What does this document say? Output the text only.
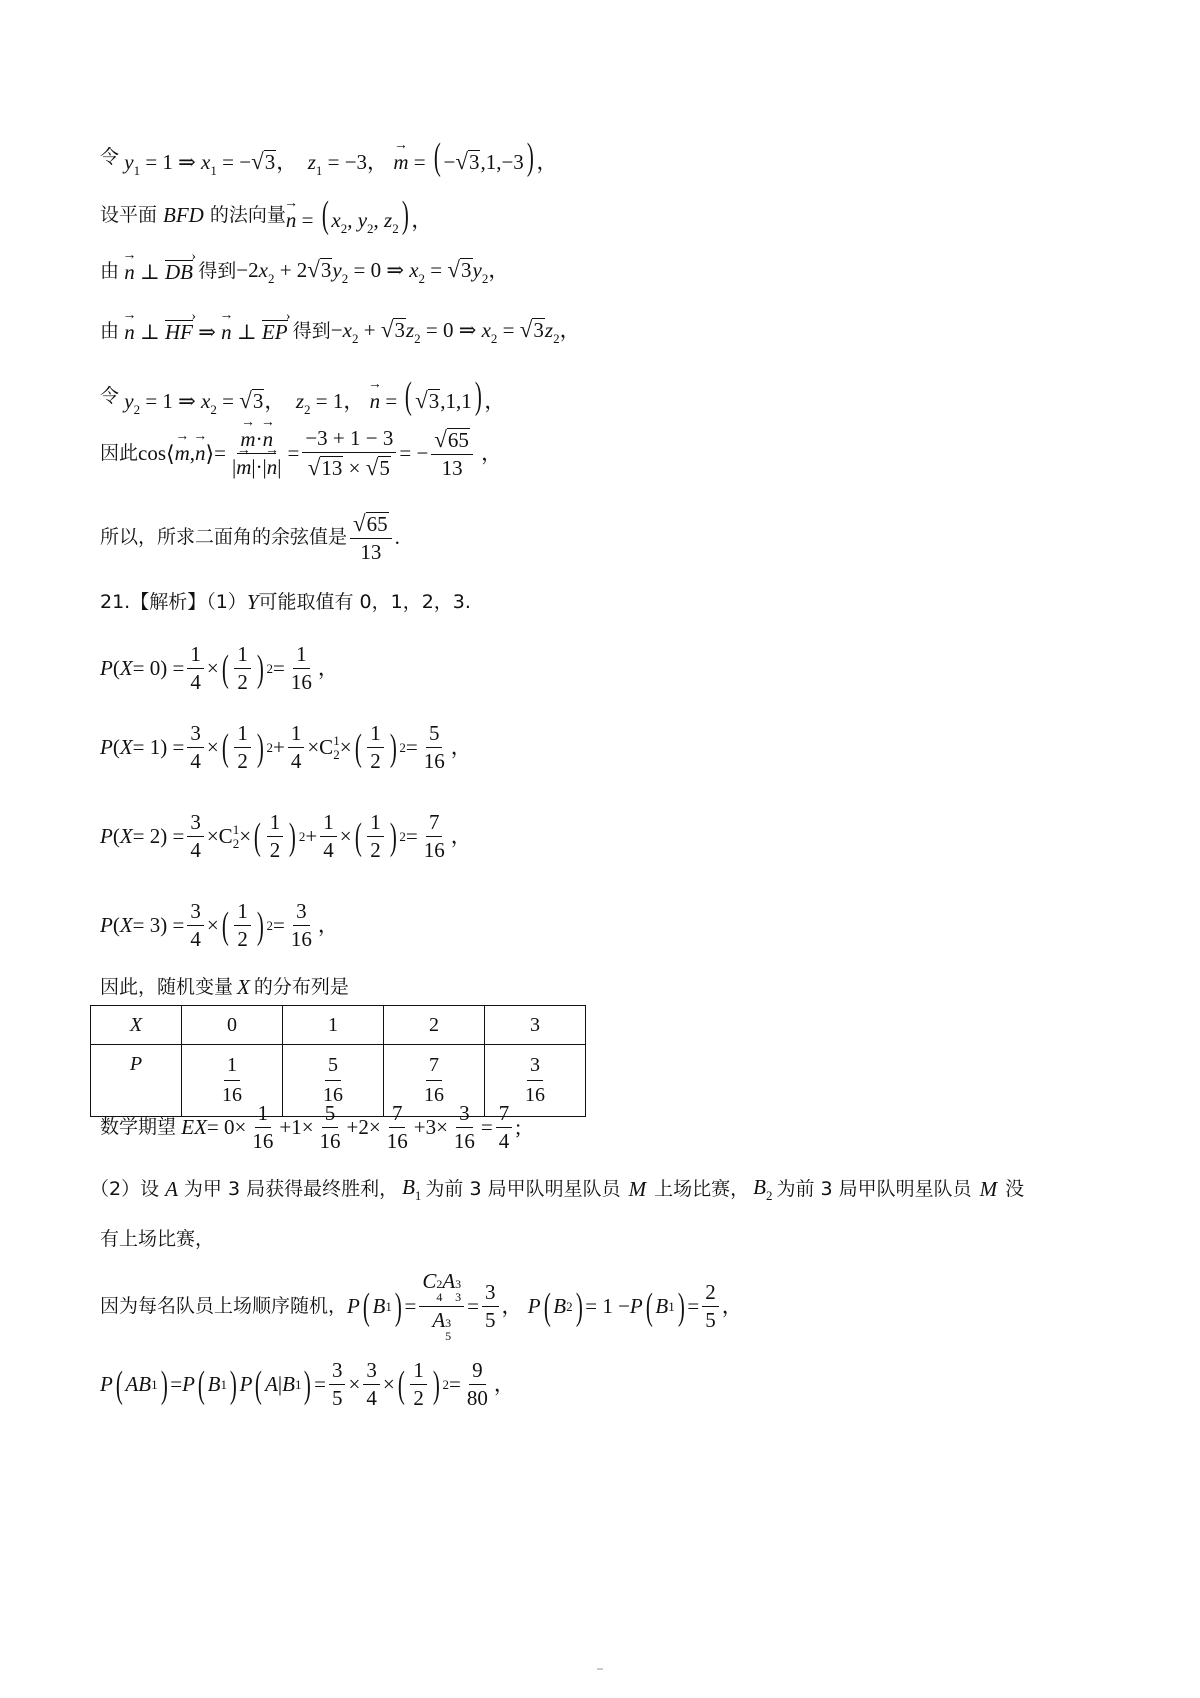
令 $y_1 = 1$ ⇒ $x_1$ = − √ 3 ，  $z_1 = -3$， → m = ( − √ 3 ,1,−3) ，
设平面 BFD 的法向量 → n = ( $x_2$, $y_2$, $z_2$) ，
由 → n ⊥ DB › 得到 $-2x_2 + 2$ √ 3 $y_2 = 0$ ⇒ $x_2$ = √ 3 $y_2$，
由 → n ⊥ HF › ⇒ → n ⊥ EP › 得到 $-x_2$ + √ 3 $z_2 = 0$ ⇒ $x_2$ = √ 3 $z_2$，
令 $y_2 = 1$ ⇒ $x_2$ = √ 3 ，  $z_2 = 1$， → n = ( √ 3 ,1,1) ，
因此 cos ⟨ → m , → n ⟩ = → $\frac{m\cdot\to n}{|\to m|\cdot|\to n|} = \frac{-3 + 1 - 3}{√ 13 \times √ 5}$ = − $\frac{√ 65}{13}$ ，
所以，所求二面角的余弦值是 $\frac{√ 65}{13}$ .
21.【解析】（1） Y 可能取值有 0，1，2，3.
P ( $X = 0) = \frac{1}{4}$ × ( $\frac{1}{2}$ ) $2 = \frac{1}{16}$ ，
P ( $X = 1) = \frac{3}{4}$ × ( $\frac{1}{2}$ ) $2 + \frac{1}{4} \times C$ 1
2 × ( $\frac{1}{2}$ ) $2 = \frac{5}{16}$ ，
P ( $X = 2) = \frac{3}{4} \times C$ 1
2 × ( $\frac{1}{2}$ ) $2 + \frac{1}{4}$ × ( $\frac{1}{2}$ ) $2 = \frac{7}{16}$ ，
P ( $X = 3) = \frac{3}{4}$ × ( $\frac{1}{2}$ ) $2 = \frac{3}{16}$ ，
因此，随机变量 X 的分布列是
X	0	1	2	3
P	$\frac{1}{16}$	$\frac{5}{16}$	$\frac{7}{16}$	$\frac{3}{16}$
数学期望
EX = $0\times \frac{1}{16} +1\times \frac{5}{16} +2\times \frac{7}{16} +3\times \frac{3}{16} = \frac{7}{4}$ ;
（2）设 A 为甲 3 局获得最终胜利， $B_1$ 为前 3 局甲队明星队员 M 上场比赛， $B_2$ 为前 3 局甲队明星队员 M 没
有上场比赛，
因为每名队员上场顺序随机， P ( B 1 ) = C 2
4
A 3
3
A 3
$5 = \frac{3}{5}$ ， P ( B 2 ) = 1 − P ( B 1 ) = $\frac{2}{5}$ ，
P ( AB 1 ) = P ( B 1 ) P ( A | B 1 ) = $\frac{3}{5} \times \frac{3}{4}$ × ( $\frac{1}{2}$ ) $2 = \frac{9}{80}$ ，
